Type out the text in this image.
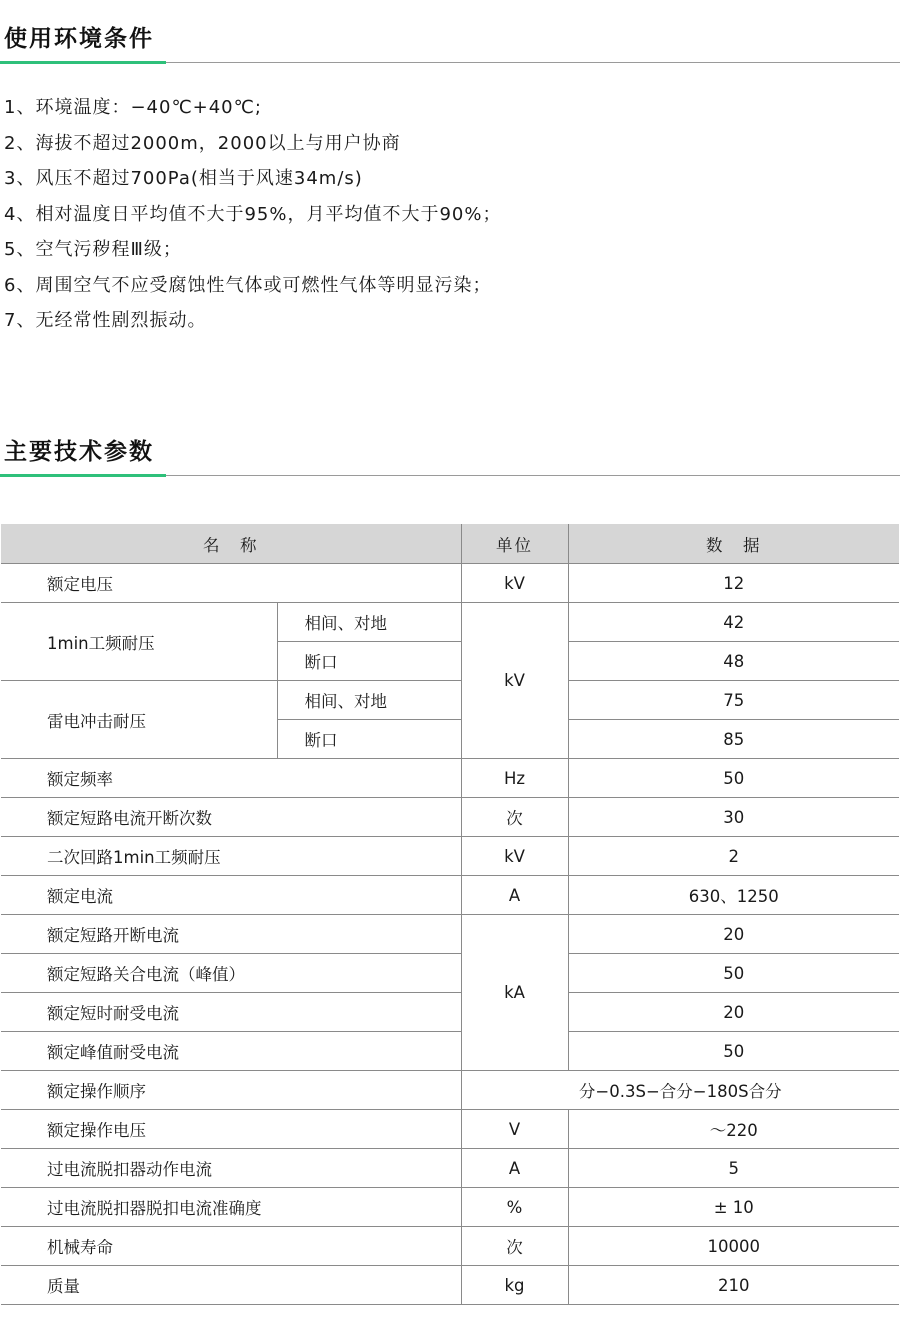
使用环境条件
1、环境温度：−40℃+40℃;
2、海拔不超过2000m，2000以上与用户协商
3、风压不超过700Pa(相当于风速34m/s)
4、相对温度日平均值不大于95%，月平均值不大于90%；
5、空气污秽程Ⅲ级；
6、周围空气不应受腐蚀性气体或可燃性气体等明显污染；
7、无经常性剧烈振动。
主要技术参数
名　称		单位	数　据
额定电压		kV	12
1min工频耐压	相间、对地	kV	42
	断口		48
雷电冲击耐压	相间、对地		75
	断口		85
额定频率		Hz	50
额定短路电流开断次数		次	30
二次回路1min工频耐压		kV	2
额定电流		A	630、1250
额定短路开断电流		kA	20
额定短路关合电流（峰值）			50
额定短时耐受电流			20
额定峰值耐受电流			50
额定操作顺序		分−0.3S−合分−180S合分	
额定操作电压		V	～220
过电流脱扣器动作电流		A	5
过电流脱扣器脱扣电流准确度		%	± 10
机械寿命		次	10000
质量		kg	210
